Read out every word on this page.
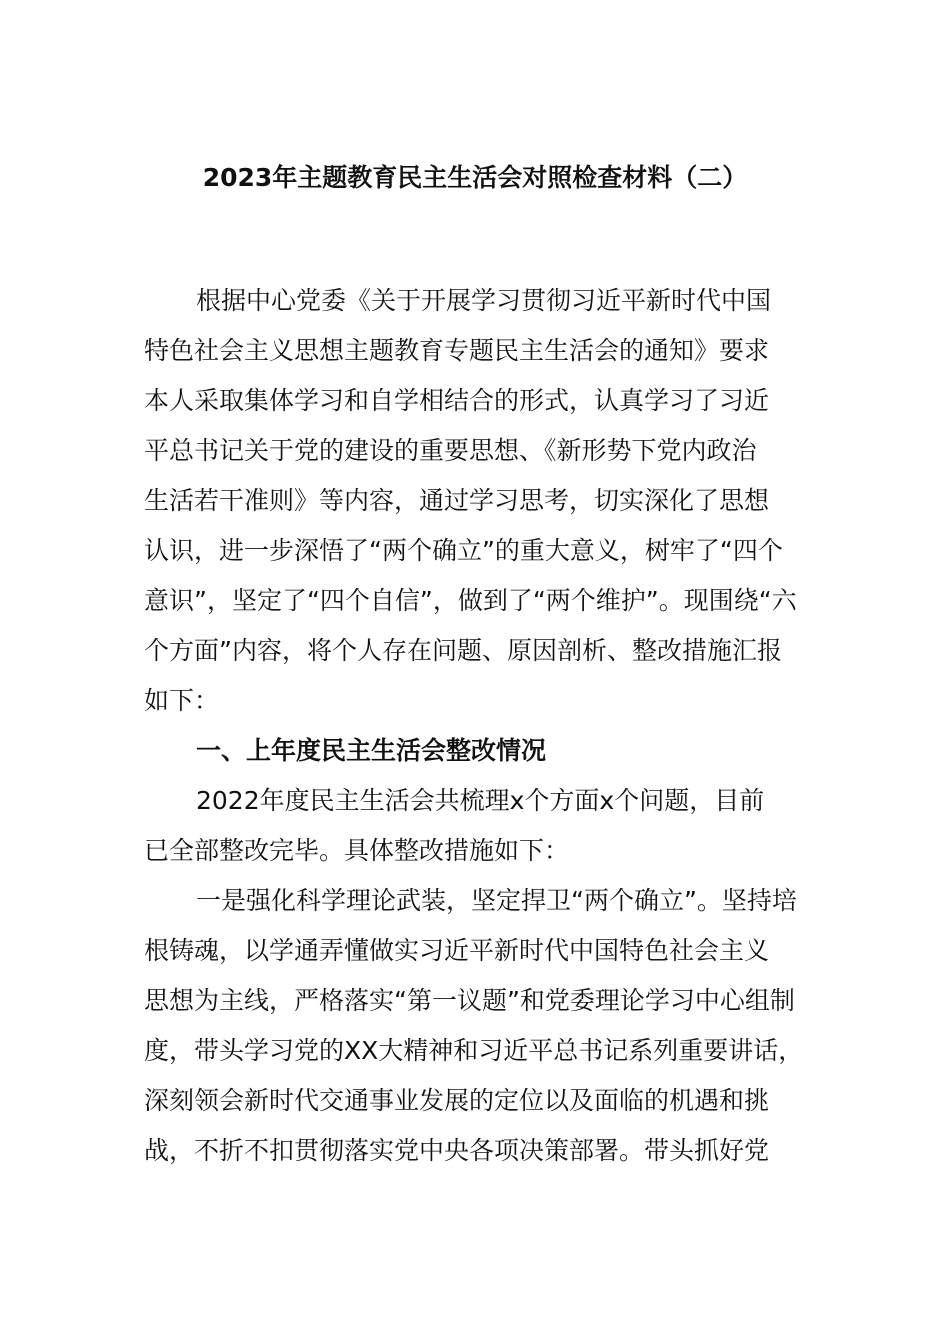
2023年主题教育民主生活会对照检查材料（二）
根据中心党委《关于开展学习贯彻习近平新时代中国
特色社会主义思想主题教育专题民主生活会的通知》要求
本人采取集体学习和自学相结合的形式，认真学习了习近
平总书记关于党的建设的重要思想、《新形势下党内政治
生活若干准则》等内容，通过学习思考，切实深化了思想
认识，进一步深悟了“两个确立”的重大意义，树牢了“四个
意识”，坚定了“四个自信”，做到了“两个维护”。现围绕“六
个方面”内容，将个人存在问题、原因剖析、整改措施汇报
如下：
一、上年度民主生活会整改情况
2022年度民主生活会共梳理x个方面x个问题，目前
已全部整改完毕。具体整改措施如下：
一是强化科学理论武装，坚定捍卫“两个确立”。坚持培
根铸魂，以学通弄懂做实习近平新时代中国特色社会主义
思想为主线，严格落实“第一议题”和党委理论学习中心组制
度，带头学习党的XX大精神和习近平总书记系列重要讲话，
深刻领会新时代交通事业发展的定位以及面临的机遇和挑
战，不折不扣贯彻落实党中央各项决策部署。带头抓好党
